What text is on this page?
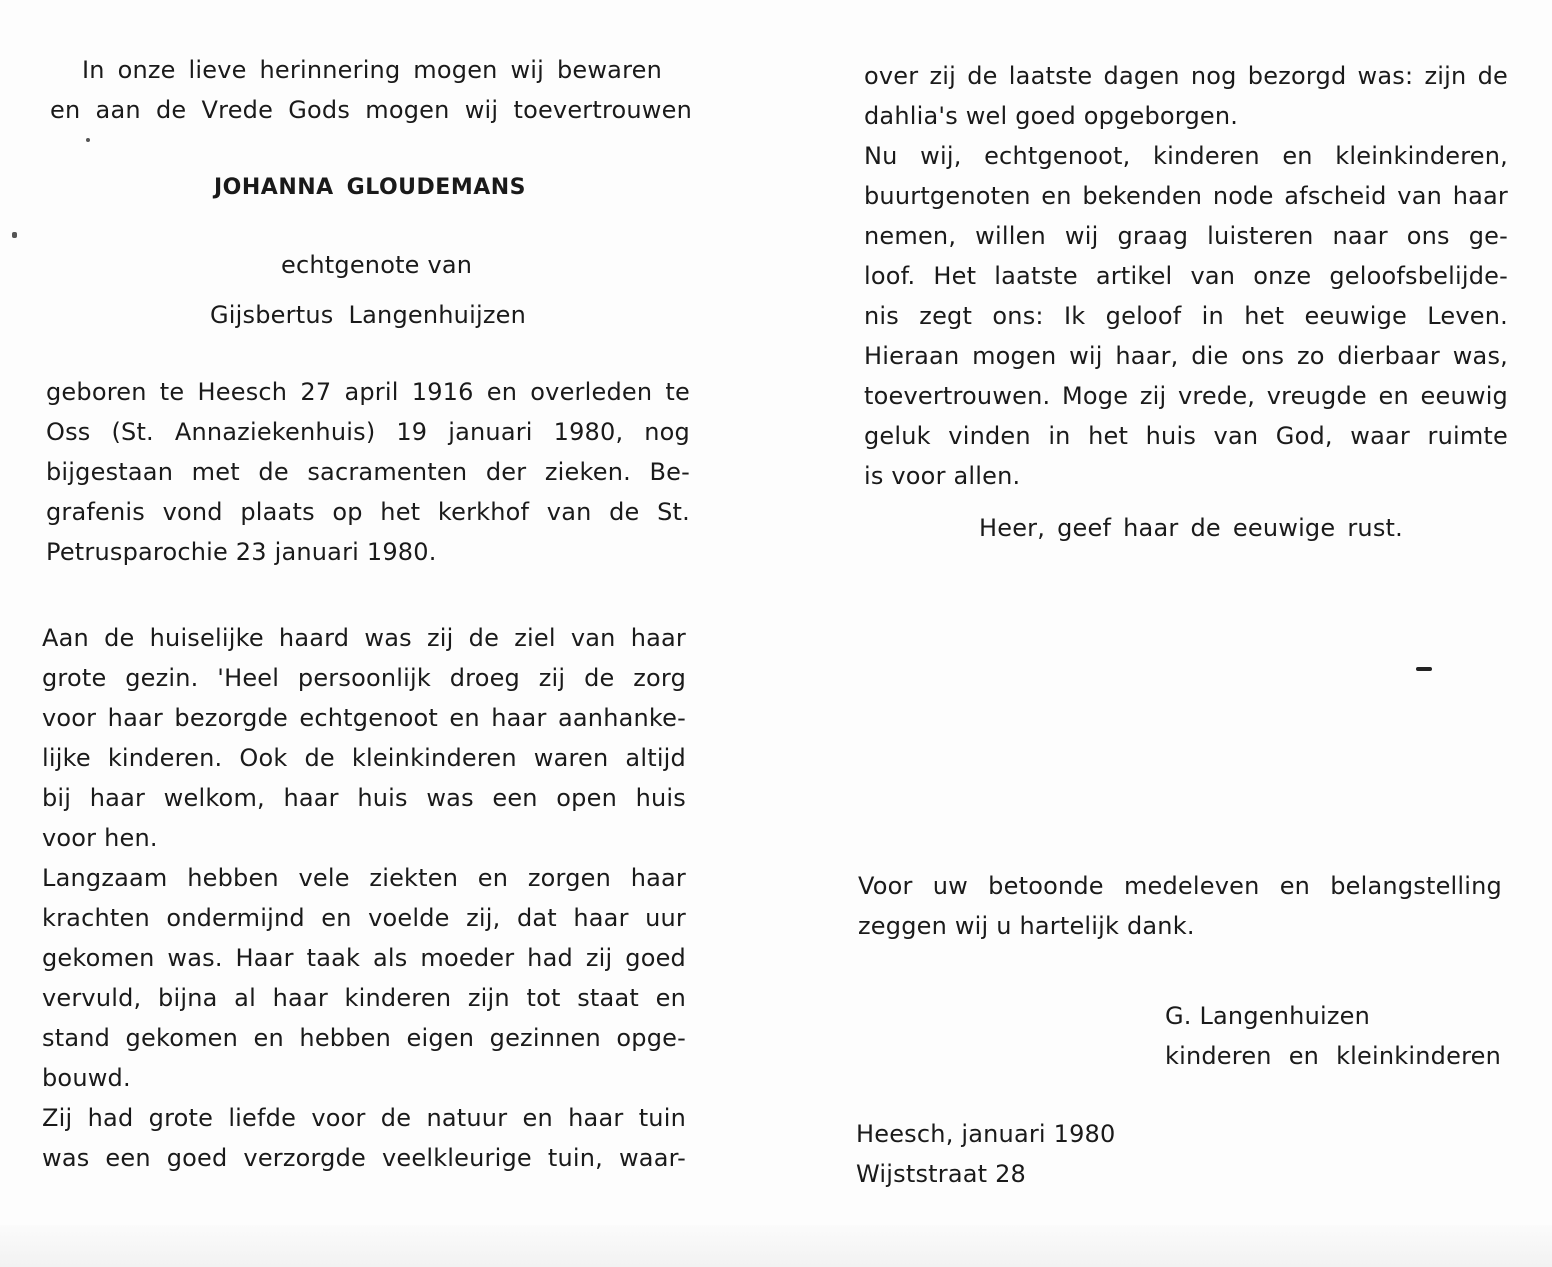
In onze lieve herinnering mogen wij bewaren
en aan de Vrede Gods mogen wij toevertrouwen
JOHANNA GLOUDEMANS
echtgenote van
Gijsbertus Langenhuijzen
geboren te Heesch 27 april 1916 en overleden te
Oss (St. Annaziekenhuis) 19 januari 1980, nog
bijgestaan met de sacramenten der zieken. Be-
grafenis vond plaats op het kerkhof van de St.
Petrusparochie 23 januari 1980.
Aan de huiselijke haard was zij de ziel van haar
grote gezin. 'Heel persoonlijk droeg zij de zorg
voor haar bezorgde echtgenoot en haar aanhanke-
lijke kinderen. Ook de kleinkinderen waren altijd
bij haar welkom, haar huis was een open huis
voor hen.
Langzaam hebben vele ziekten en zorgen haar
krachten ondermijnd en voelde zij, dat haar uur
gekomen was. Haar taak als moeder had zij goed
vervuld, bijna al haar kinderen zijn tot staat en
stand gekomen en hebben eigen gezinnen opge-
bouwd.
Zij had grote liefde voor de natuur en haar tuin
was een goed verzorgde veelkleurige tuin, waar-
over zij de laatste dagen nog bezorgd was: zijn de
dahlia's wel goed opgeborgen.
Nu wij, echtgenoot, kinderen en kleinkinderen,
buurtgenoten en bekenden node afscheid van haar
nemen, willen wij graag luisteren naar ons ge-
loof. Het laatste artikel van onze geloofsbelijde-
nis zegt ons: Ik geloof in het eeuwige Leven.
Hieraan mogen wij haar, die ons zo dierbaar was,
toevertrouwen. Moge zij vrede, vreugde en eeuwig
geluk vinden in het huis van God, waar ruimte
is voor allen.
Heer, geef haar de eeuwige rust.
Voor uw betoonde medeleven en belangstelling
zeggen wij u hartelijk dank.
G. Langenhuizen
kinderen en kleinkinderen
Heesch, januari 1980
Wijststraat 28
